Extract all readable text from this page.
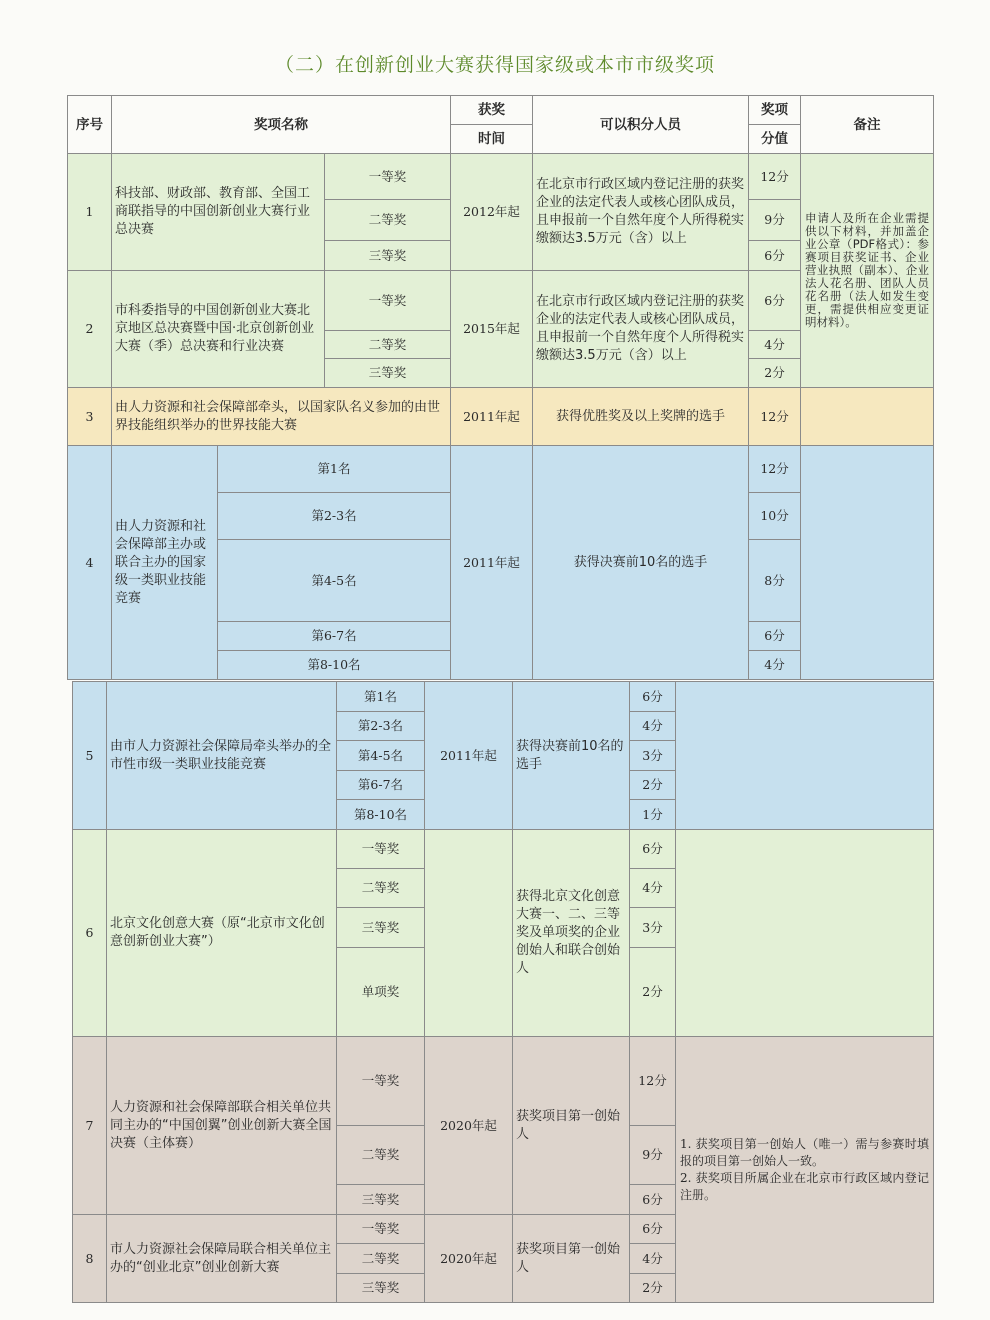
（二）在创新创业大赛获得国家级或本市市级奖项
序号	奖项名称			获奖	可以积分人员	奖项	备注
				时间		分值	
1	科技部、财政部、教育部、全国工商联指导的中国创新创业大赛行业总决赛		一等奖	2012年起	在北京市行政区域内登记注册的获奖企业的法定代表人或核心团队成员，且申报前一个自然年度个人所得税实缴额达3.5万元（含）以上	12分	申请人及所在企业需提供以下材料，并加盖企业公章（PDF格式）：参赛项目获奖证书、企业营业执照（副本）、企业法人花名册、团队人员花名册（法人如发生变更，需提供相应变更证明材料）。
			二等奖			9分	
			三等奖			6分	
2	市科委指导的中国创新创业大赛北京地区总决赛暨中国·北京创新创业大赛（季）总决赛和行业决赛		一等奖	2015年起	在北京市行政区域内登记注册的获奖企业的法定代表人或核心团队成员，且申报前一个自然年度个人所得税实缴额达3.5万元（含）以上	6分	
			二等奖			4分	
			三等奖			2分	
3	由人力资源和社会保障部牵头，以国家队名义参加的由世界技能组织举办的世界技能大赛			2011年起	获得优胜奖及以上奖牌的选手	12分	
4	由人力资源和社会保障部主办或联合主办的国家级一类职业技能竞赛	第1名		2011年起	获得决赛前10名的选手	12分	
		第2-3名				10分	
		第4-5名				8分	
		第6-7名				6分	
		第8-10名				4分	
5	由市人力资源社会保障局牵头举办的全市性市级一类职业技能竞赛	第1名	2011年起	获得决赛前10名的选手	6分	
		第2-3名			4分	
		第4-5名			3分	
		第6-7名			2分	
		第8-10名			1分	
6	北京文化创意大赛（原“北京市文化创意创新创业大赛”）	一等奖		获得北京文化创意大赛一、二、三等奖及单项奖的企业创始人和联合创始人	6分	
		二等奖			4分	
		三等奖			3分	
		单项奖			2分	
7	人力资源和社会保障部联合相关单位共同主办的“中国创翼”创业创新大赛全国决赛（主体赛）	一等奖	2020年起	获奖项目第一创始人	12分	1. 获奖项目第一创始人（唯一）需与参赛时填报的项目第一创始人一致。
2. 获奖项目所属企业在北京市行政区域内登记注册。
		二等奖			9分	
		三等奖			6分	
8	市人力资源社会保障局联合相关单位主办的“创业北京”创业创新大赛	一等奖	2020年起	获奖项目第一创始人	6分	
		二等奖			4分	
		三等奖			2分	
